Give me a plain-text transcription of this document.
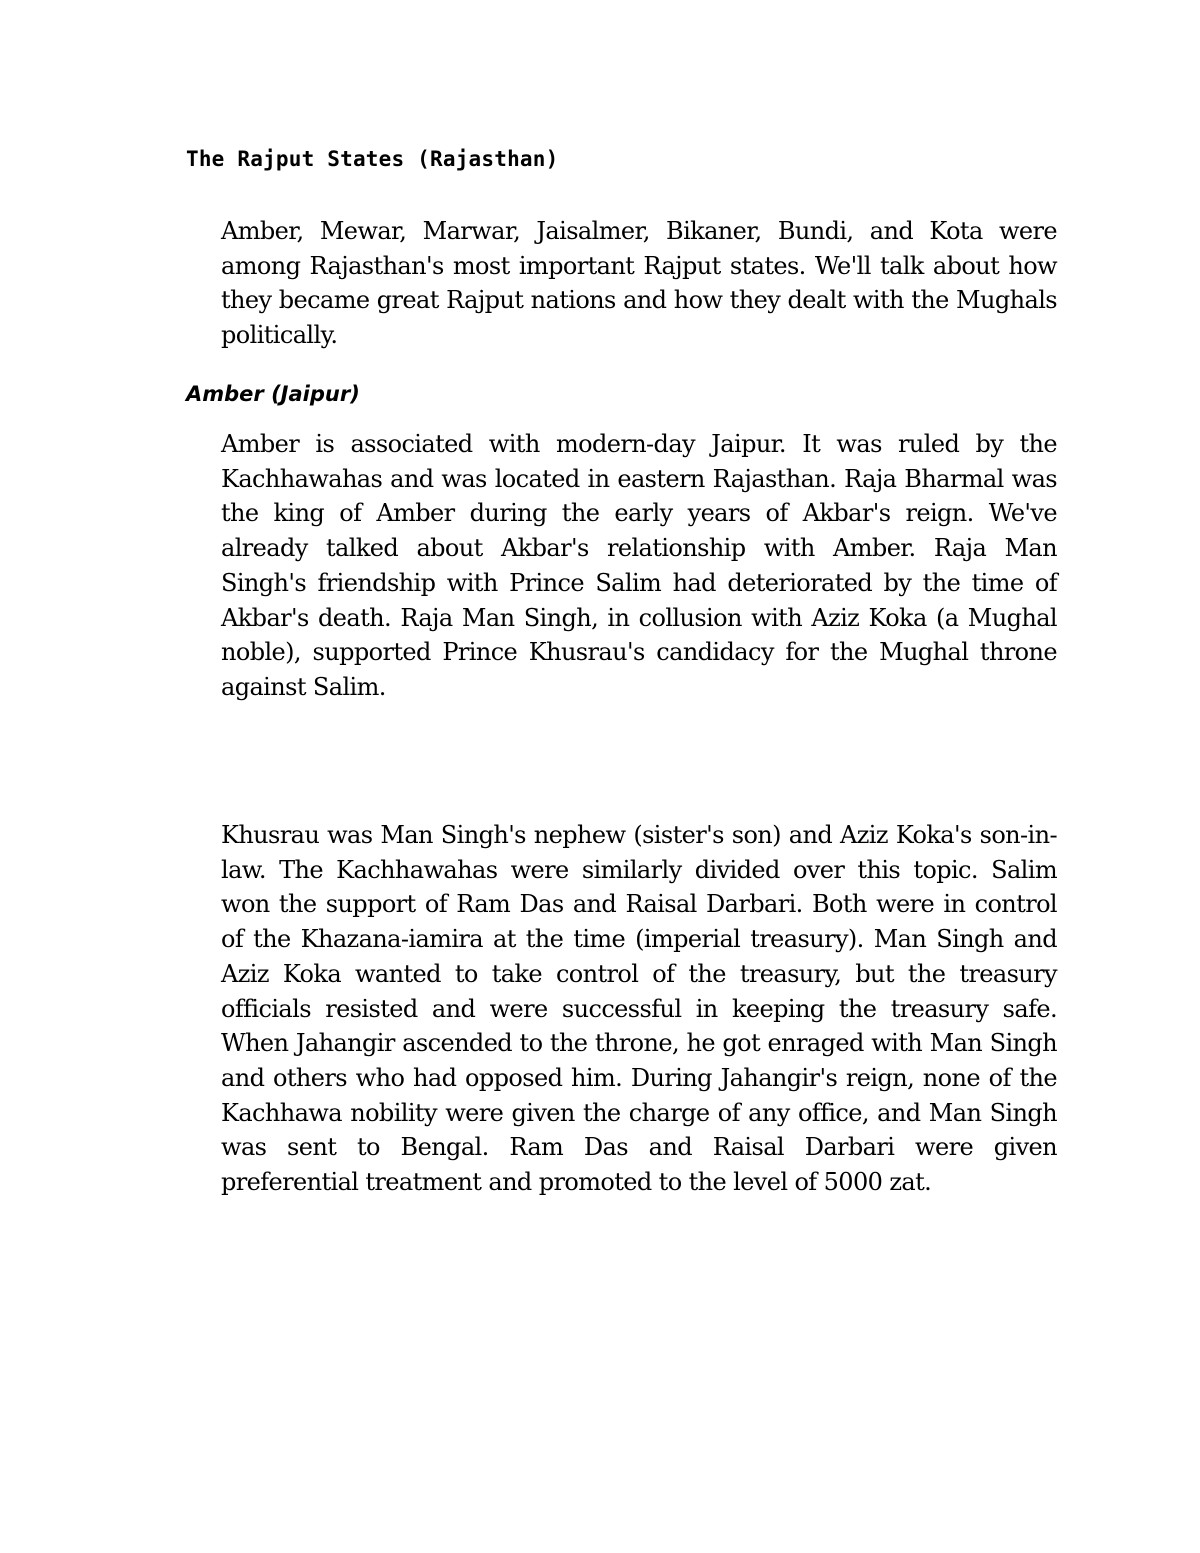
The Rajput States (Rajasthan)

Amber, Mewar, Marwar, Jaisalmer, Bikaner, Bundi, and Kota were among Rajasthan's most important Rajput states. We'll talk about how they became great Rajput nations and how they dealt with the Mughals politically.

Amber (Jaipur)

Amber is associated with modern-day Jaipur. It was ruled by the Kachhawahas and was located in eastern Rajasthan. Raja Bharmal was the king of Amber during the early years of Akbar's reign. We've already talked about Akbar's relationship with Amber. Raja Man Singh's friendship with Prince Salim had deteriorated by the time of Akbar's death. Raja Man Singh, in collusion with Aziz Koka (a Mughal noble), supported Prince Khusrau's candidacy for the Mughal throne against Salim.

Khusrau was Man Singh's nephew (sister's son) and Aziz Koka's son-in-law. The Kachhawahas were similarly divided over this topic. Salim won the support of Ram Das and Raisal Darbari. Both were in control of the Khazana-iamira at the time (imperial treasury). Man Singh and Aziz Koka wanted to take control of the treasury, but the treasury officials resisted and were successful in keeping the treasury safe. When Jahangir ascended to the throne, he got enraged with Man Singh and others who had opposed him. During Jahangir's reign, none of the Kachhawa nobility were given the charge of any office, and Man Singh was sent to Bengal. Ram Das and Raisal Darbari were given preferential treatment and promoted to the level of 5000 zat.
